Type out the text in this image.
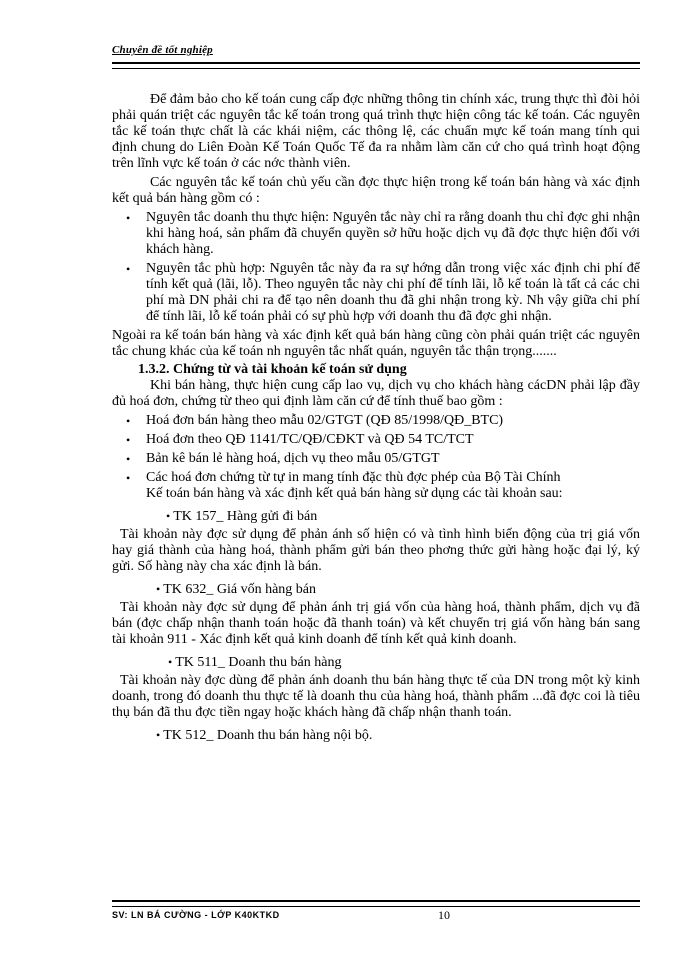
Chuyên đề tốt nghiệp

Để đảm bảo cho kế toán cung cấp đợc những thông tin chính xác, trung thực thì đòi hỏi phải quán triệt các nguyên tắc kế toán trong quá trình thực hiện công tác kế toán. Các nguyên tắc kế toán thực chất là các khái niệm, các thông lệ, các chuẩn mực kế toán mang tính qui định chung do Liên Đoàn Kế Toán Quốc Tế đa ra nhằm làm căn cứ cho quá trình hoạt động trên lĩnh vực kế toán ở các nớc thành viên.

Các nguyên tắc kế toán chủ yếu cần đợc thực hiện trong kế toán bán hàng và xác định kết quả bán hàng gồm có :

• Nguyên tắc doanh thu thực hiện: Nguyên tắc này chỉ ra rằng doanh thu chỉ đợc ghi nhận khi hàng hoá, sản phẩm đã chuyển quyền sở hữu hoặc dịch vụ đã đợc thực hiện đối với khách hàng.
• Nguyên tắc phù hợp: Nguyên tắc này đa ra sự hớng dẫn trong việc xác định chi phí để tính kết quả (lãi, lỗ). Theo nguyên tắc này chi phí để tính lãi, lỗ kế toán là tất cả các chi phí mà DN phải chi ra để tạo nên doanh thu đã ghi nhận trong kỳ. Nh vậy giữa chi phí để tính lãi, lỗ kế toán phải có sự phù hợp với doanh thu đã đợc ghi nhận.

Ngoài ra kế toán bán hàng và xác định kết quả bán hàng cũng còn phải quán triệt các nguyên tắc chung khác của kế toán nh nguyên tắc nhất quán, nguyên tắc thận trọng.......

1.3.2. Chứng từ và tài khoản kế toán sử dụng

Khi bán hàng, thực hiện cung cấp lao vụ, dịch vụ cho khách hàng cácDN phải lập đầy đủ hoá đơn, chứng từ theo qui định làm căn cứ để tính thuế bao gồm :

• Hoá đơn bán hàng theo mẫu 02/GTGT (QĐ 85/1998/QĐ_BTC)
• Hoá đơn theo QĐ 1141/TC/QĐ/CĐKT và QĐ 54 TC/TCT
• Bản kê bán lẻ hàng hoá, dịch vụ theo mẫu 05/GTGT
• Các hoá đơn chứng từ tự in mang tính đặc thù đợc phép của Bộ Tài Chính
Kế toán bán hàng và xác định kết quả bán hàng sử dụng các tài khoản sau:
• TK 157_ Hàng gửi đi bán

Tài khoản này đợc sử dụng để phản ánh số hiện có và tình hình biến động của trị giá vốn hay giá thành của hàng hoá, thành phẩm gửi bán theo phơng thức gửi hàng hoặc đại lý, ký gửi. Số hàng này cha xác định là bán.

• TK 632_ Giá vốn hàng bán

Tài khoản này đợc sử dụng để phản ánh trị giá vốn của hàng hoá, thành phẩm, dịch vụ đã bán (đợc chấp nhận thanh toán hoặc đã thanh toán) và kết chuyển trị giá vốn hàng bán sang tài khoản 911 - Xác định kết quả kinh doanh để tính kết quả kinh doanh.

• TK 511_ Doanh thu bán hàng

Tài khoản này đợc dùng để phản ánh doanh thu bán hàng thực tế của DN trong một kỳ kinh doanh, trong đó doanh thu thực tế là doanh thu của hàng hoá, thành phẩm ...đã đợc coi là tiêu thụ bán đã thu đợc tiền ngay hoặc khách hàng đã chấp nhận thanh toán.

• TK 512_ Doanh thu bán hàng nội bộ.
SV: LN BÁ CƯỜNG - LỚP K40KTKD	10
